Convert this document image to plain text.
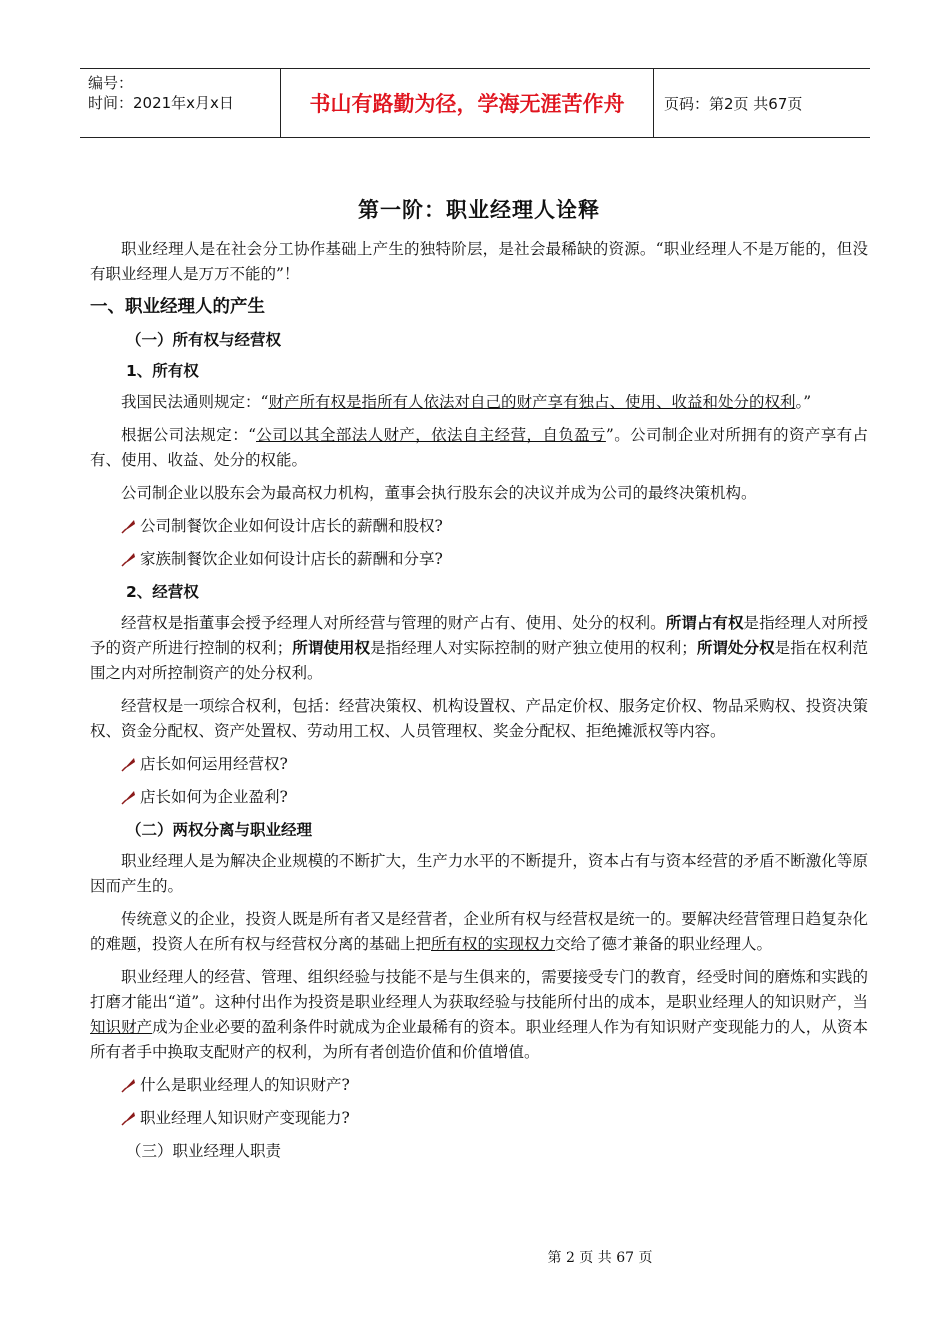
编号：
时间：2021年x月x日	书山有路勤为径，学海无涯苦作舟	页码：第2页 共67页
第一阶：职业经理人诠释

职业经理人是在社会分工协作基础上产生的独特阶层，是社会最稀缺的资源。“职业经理人不是万能的，但没有职业经理人是万万不能的”！

一、职业经理人的产生
（一）所有权与经营权
1、所有权

我国民法通则规定：“财产所有权是指所有人依法对自己的财产享有独占、使用、收益和处分的权利。”

根据公司法规定：“公司以其全部法人财产，依法自主经营，自负盈亏”。公司制企业对所拥有的资产享有占有、使用、收益、处分的权能。

公司制企业以股东会为最高权力机构，董事会执行股东会的决议并成为公司的最终决策机构。

公司制餐饮企业如何设计店长的薪酬和股权?

家族制餐饮企业如何设计店长的薪酬和分享?

2、经营权

经营权是指董事会授予经理人对所经营与管理的财产占有、使用、处分的权利。所谓占有权是指经理人对所授予的资产所进行控制的权利；所谓使用权是指经理人对实际控制的财产独立使用的权利；所谓处分权是指在权利范围之内对所控制资产的处分权利。

经营权是一项综合权利，包括：经营决策权、机构设置权、产品定价权、服务定价权、物品采购权、投资决策权、资金分配权、资产处置权、劳动用工权、人员管理权、奖金分配权、拒绝摊派权等内容。

店长如何运用经营权?

店长如何为企业盈利?

（二）两权分离与职业经理

职业经理人是为解决企业规模的不断扩大，生产力水平的不断提升，资本占有与资本经营的矛盾不断激化等原因而产生的。

传统意义的企业，投资人既是所有者又是经营者，企业所有权与经营权是统一的。要解决经营管理日趋复杂化的难题，投资人在所有权与经营权分离的基础上把所有权的实现权力交给了德才兼备的职业经理人。

职业经理人的经营、管理、组织经验与技能不是与生俱来的，需要接受专门的教育，经受时间的磨炼和实践的打磨才能出“道”。这种付出作为投资是职业经理人为获取经验与技能所付出的成本，是职业经理人的知识财产，当知识财产成为企业必要的盈利条件时就成为企业最稀有的资本。职业经理人作为有知识财产变现能力的人，从资本所有者手中换取支配财产的权利，为所有者创造价值和价值增值。

什么是职业经理人的知识财产?

职业经理人知识财产变现能力?

（三）职业经理人职责
第 2 页 共 67 页
